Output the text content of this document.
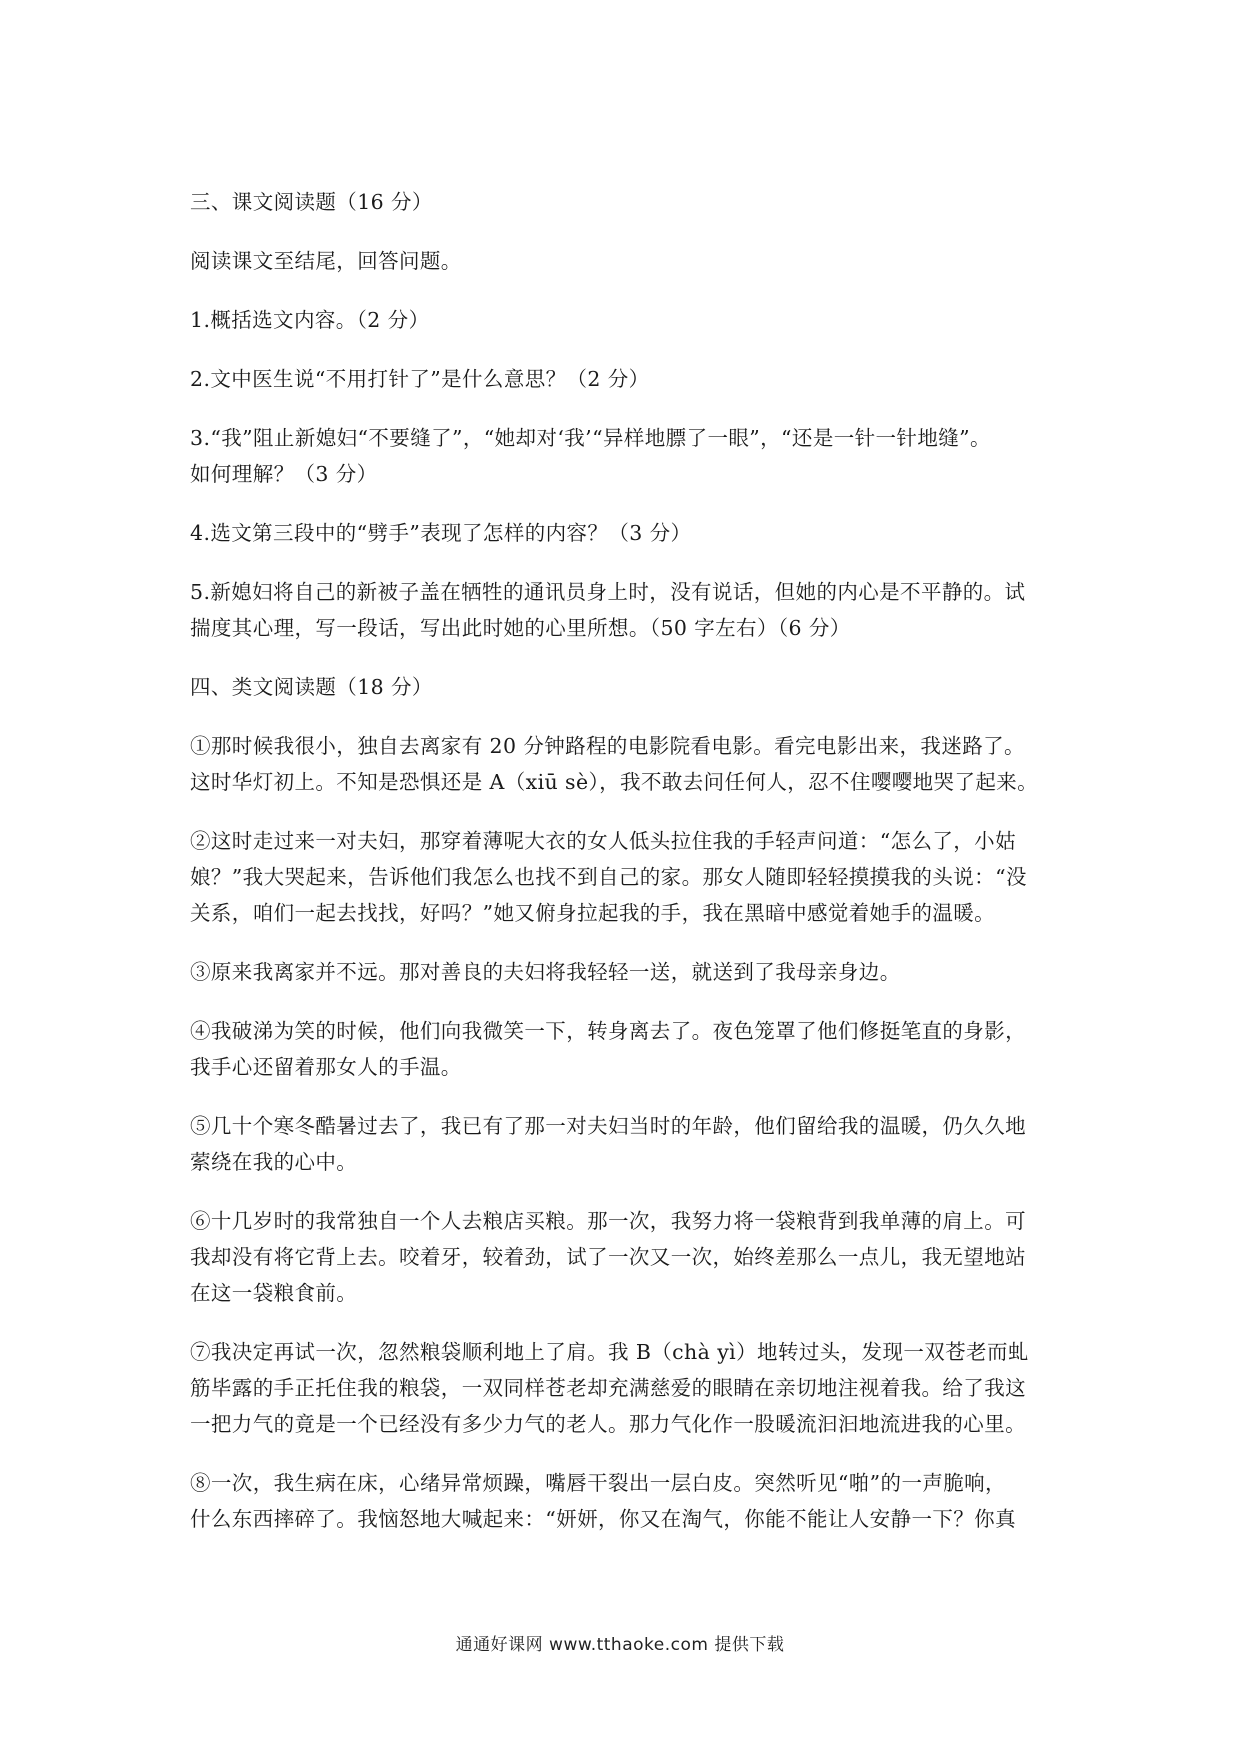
三、课文阅读题（16 分）
阅读课文至结尾，回答问题。
1.概括选文内容。（2 分）
2.文中医生说“不用打针了”是什么意思？（2 分）
3.“我”阻止新媳妇“不要缝了”，“她却对‘我’“异样地膘了一眼”，“还是一针一针地缝”。
如何理解？（3 分）
4.选文第三段中的“劈手”表现了怎样的内容？（3 分）
5.新媳妇将自己的新被子盖在牺牲的通讯员身上时，没有说话，但她的内心是不平静的。试
揣度其心理，写一段话，写出此时她的心里所想。（50 字左右）（6 分）
四、类文阅读题（18 分）
①那时候我很小，独自去离家有 20 分钟路程的电影院看电影。看完电影出来，我迷路了。
这时华灯初上。不知是恐惧还是 A（xiū sè），我不敢去问任何人，忍不住嘤嘤地哭了起来。
②这时走过来一对夫妇，那穿着薄呢大衣的女人低头拉住我的手轻声问道：“怎么了，小姑
娘？”我大哭起来，告诉他们我怎么也找不到自己的家。那女人随即轻轻摸摸我的头说：“没
关系，咱们一起去找找，好吗？”她又俯身拉起我的手，我在黑暗中感觉着她手的温暖。
③原来我离家并不远。那对善良的夫妇将我轻轻一送，就送到了我母亲身边。
④我破涕为笑的时候，他们向我微笑一下，转身离去了。夜色笼罩了他们修挺笔直的身影，
我手心还留着那女人的手温。
⑤几十个寒冬酷暑过去了，我已有了那一对夫妇当时的年龄，他们留给我的温暖，仍久久地
萦绕在我的心中。
⑥十几岁时的我常独自一个人去粮店买粮。那一次，我努力将一袋粮背到我单薄的肩上。可
我却没有将它背上去。咬着牙，较着劲，试了一次又一次，始终差那么一点儿，我无望地站
在这一袋粮食前。
⑦我决定再试一次，忽然粮袋顺利地上了肩。我 B（chà yì）地转过头，发现一双苍老而虬
筋毕露的手正托住我的粮袋，一双同样苍老却充满慈爱的眼睛在亲切地注视着我。给了我这
一把力气的竟是一个已经没有多少力气的老人。那力气化作一股暖流汩汩地流进我的心里。
⑧一次，我生病在床，心绪异常烦躁，嘴唇干裂出一层白皮。突然听见“啪”的一声脆响，
什么东西摔碎了。我恼怒地大喊起来：“妍妍，你又在淘气，你能不能让人安静一下？你真
通通好课网 www.tthaoke.com 提供下载
